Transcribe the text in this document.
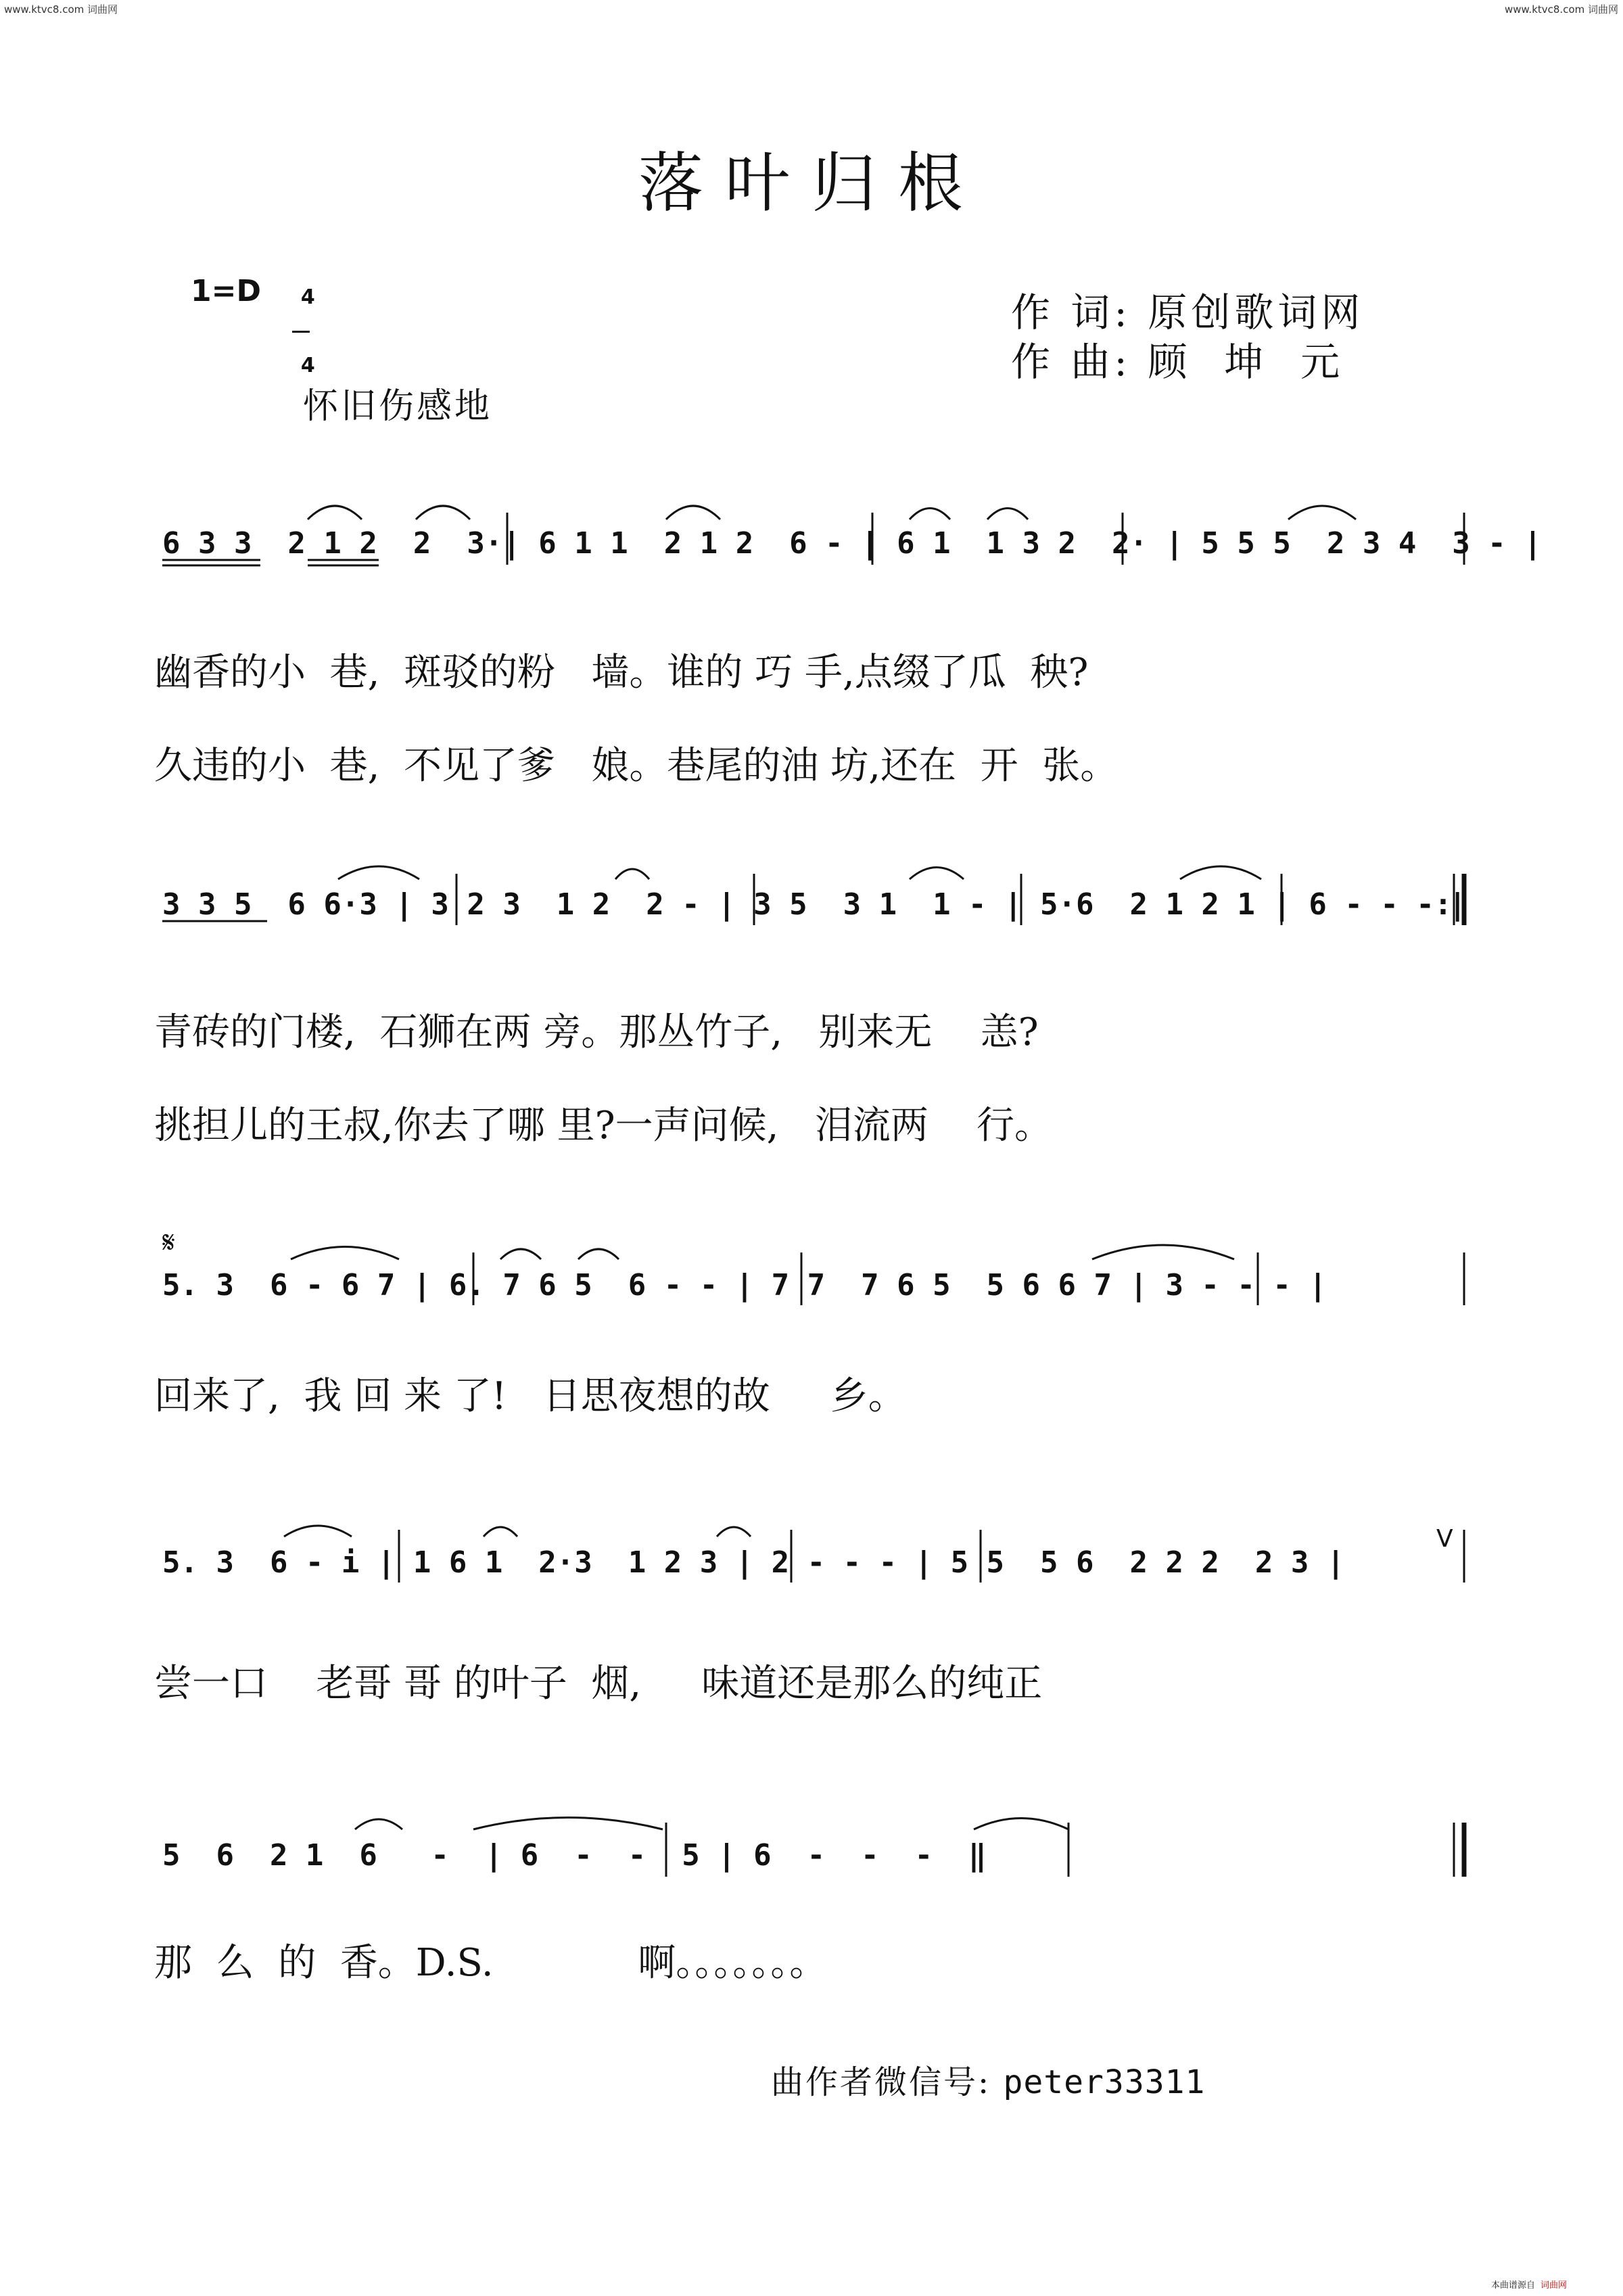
www.ktvc8.com 词曲网	www.ktvc8.com 词曲网
落叶归根
1=D	4

4

作 词: 原创歌词网
作 曲: 顾  坤  元
怀旧伤感地
6 3 3  2 1 2  2  3·| 6 1 1  2 1 2  6 - | 6 1  1 3 2  2· | 5 5 5  2 3 4  3 - |
幽香的小  巷,  斑驳的粉   墙。谁的 巧 手,点缀了瓜  秧?
久违的小  巷,  不见了爹   娘。巷尾的油 坊,还在  开  张。
3 3 5  6 6·3 | 3 2 3  1 2  2 - | 3 5  3 1  1 - | 5·6  2 1 2 1 | 6 - - -:‖
青砖的门楼,  石狮在两 旁。那丛竹子,   别来无    恙?
挑担儿的王叔,你去了哪 里?一声问候,   泪流两    行。
𝄋
5. 3  6 - 6 7 | 6. 7 6 5  6 - - | 7 7  7 6 5  5 6 6 7 | 3 - - - |
回来了,  我 回 来 了!   日思夜想的故     乡。
V
5. 3  6 - i | 1 6 1  2·3  1 2 3 | 2 - - - | 5 5  5 6  2 2 2  2 3 |
尝一口    老哥 哥 的叶子  烟,     味道还是那么的纯正
5  6  2 1  6   -  | 6  -  -  5 | 6  -  -  -  ‖
那  么  的  香。D.S.            啊。。。。。。。
曲作者微信号: peter33311
本曲谱源自 词曲网
